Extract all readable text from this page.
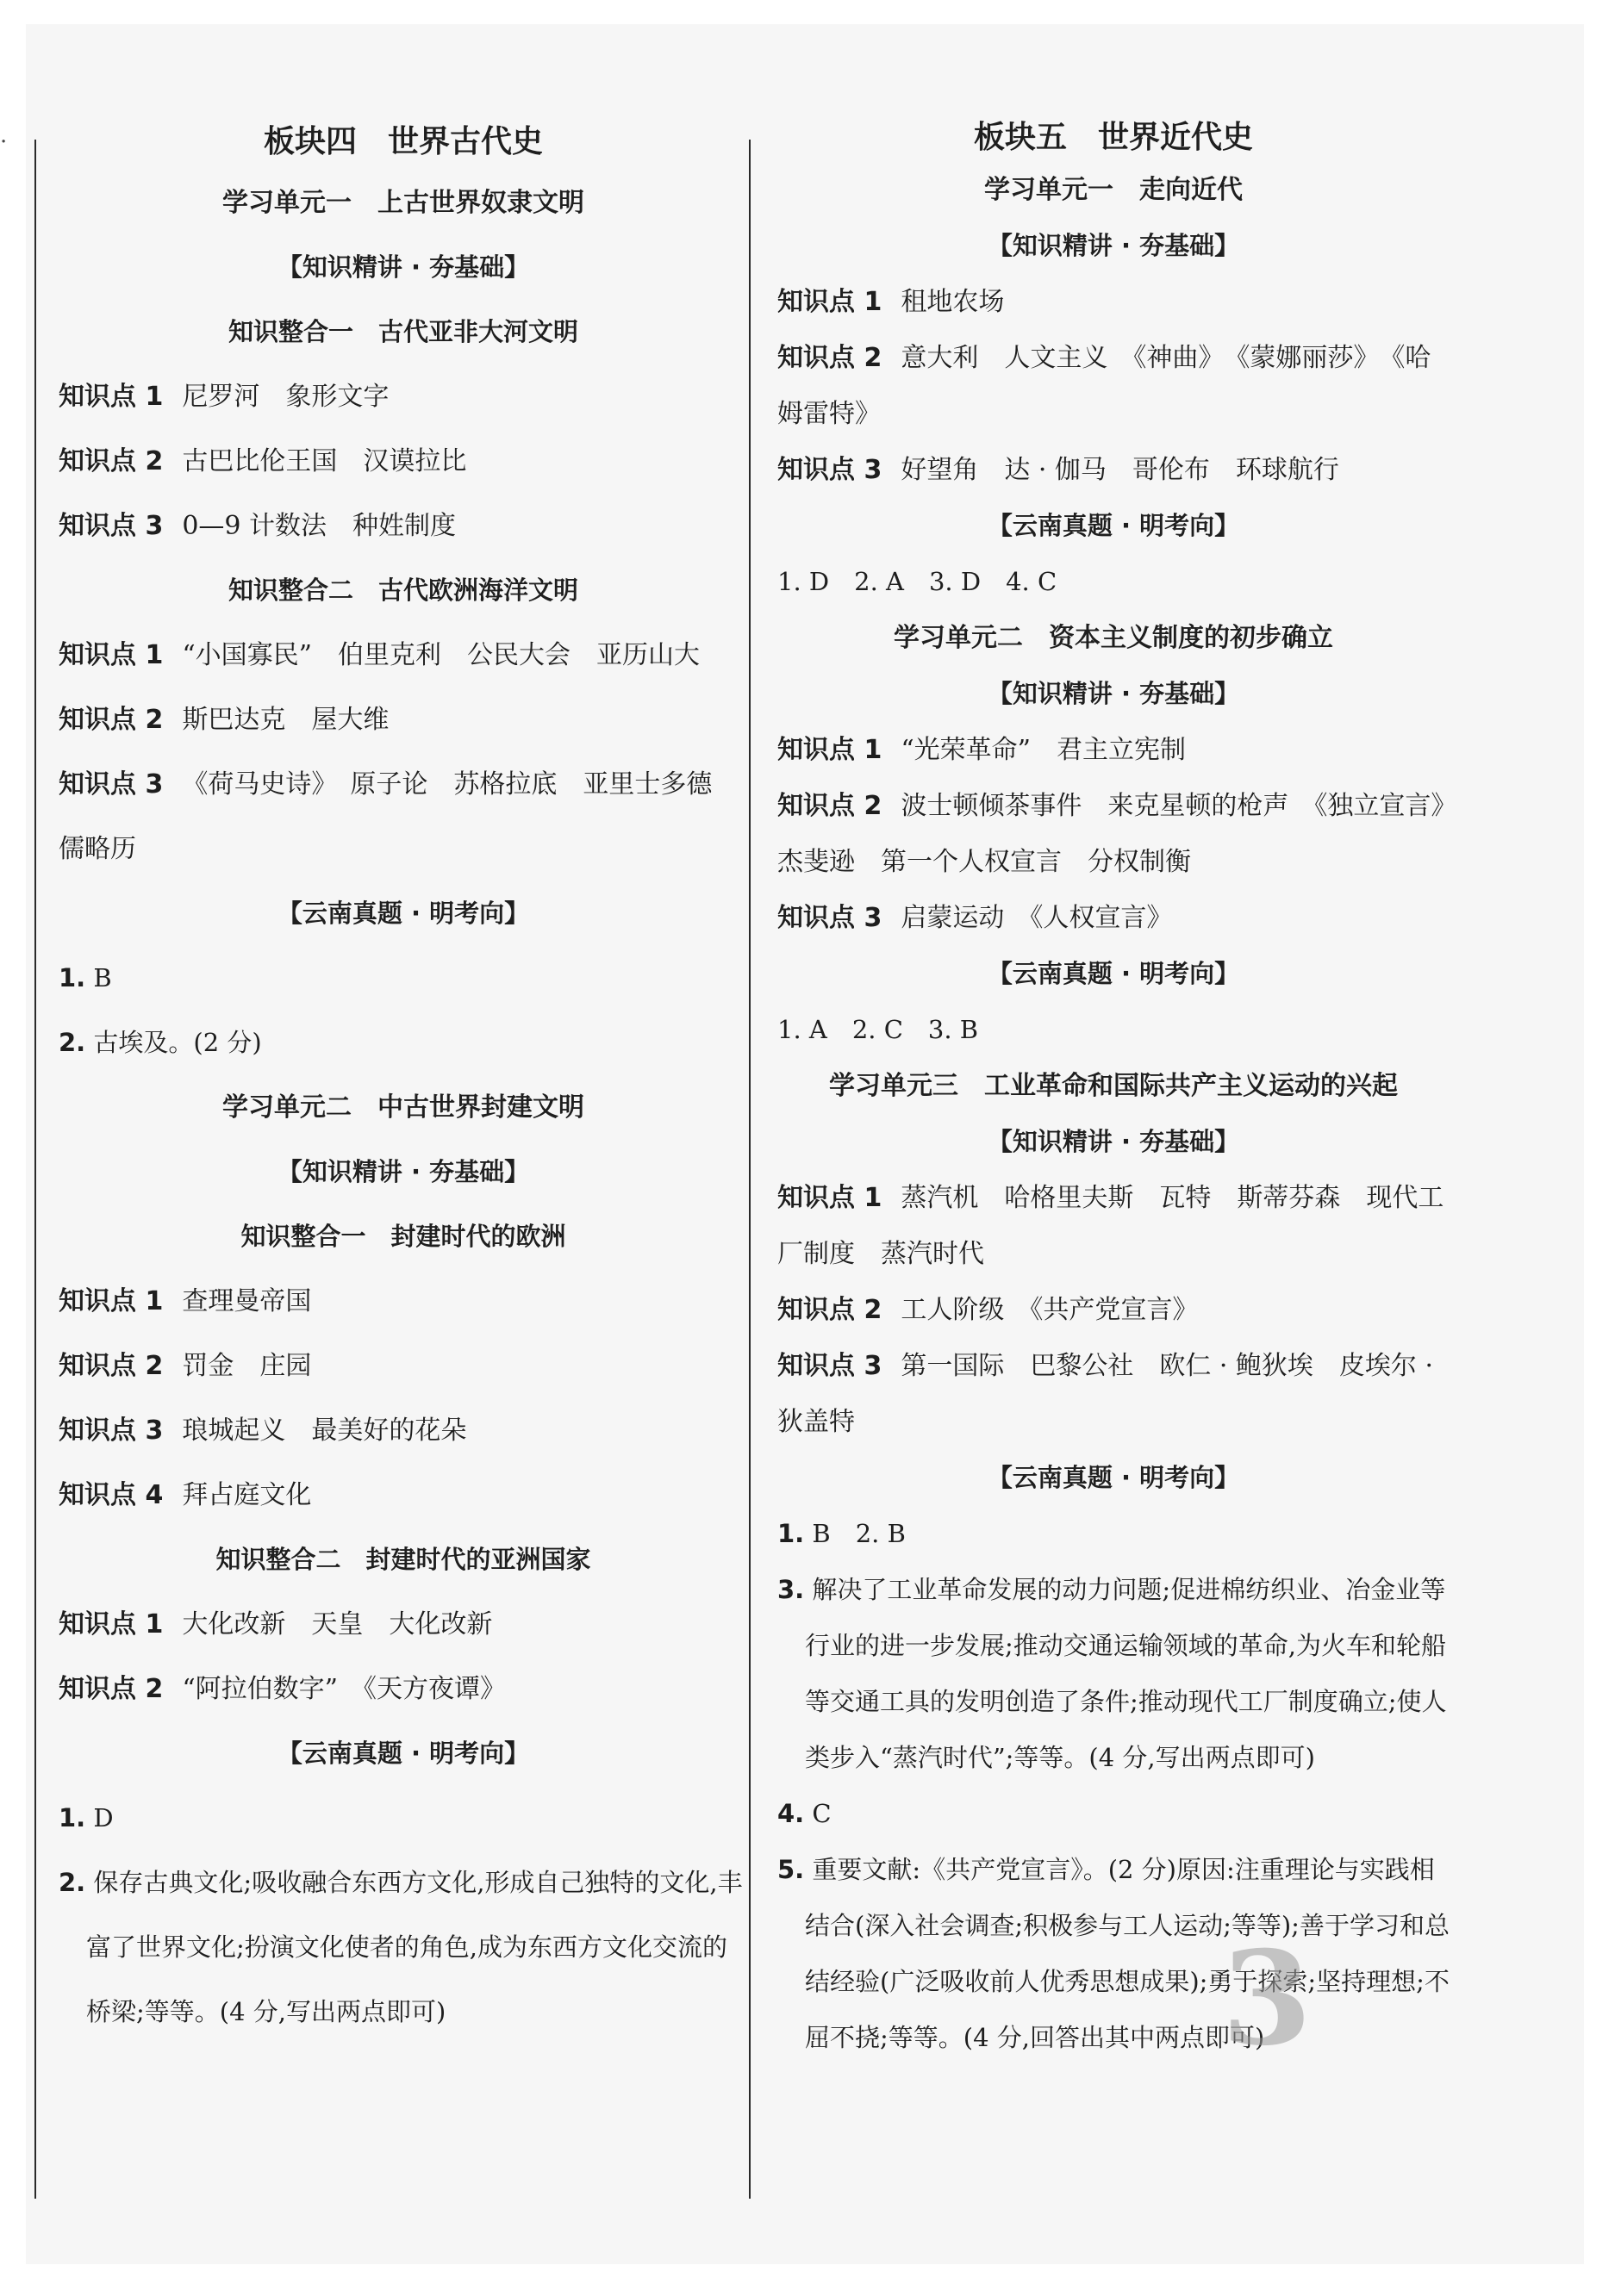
·	板块四　世界古代史
学习单元一　上古世界奴隶文明
【知识精讲 · 夯基础】
知识整合一　古代亚非大河文明
知识点 1 尼罗河　象形文字
知识点 2 古巴比伦王国　汉谟拉比
知识点 3 0—9 计数法　种姓制度
知识整合二　古代欧洲海洋文明
知识点 1 “小国寡民”　伯里克利　公民大会　亚历山大
知识点 2 斯巴达克　屋大维
知识点 3 《荷马史诗》　原子论　苏格拉底　亚里士多德　儒略历
【云南真题 · 明考向】
1. B
2. 古埃及。(2 分)
学习单元二　中古世界封建文明
【知识精讲 · 夯基础】
知识整合一　封建时代的欧洲
知识点 1 查理曼帝国
知识点 2 罚金　庄园
知识点 3 琅城起义　最美好的花朵
知识点 4 拜占庭文化
知识整合二　封建时代的亚洲国家
知识点 1 大化改新　天皇　大化改新
知识点 2 “阿拉伯数字”　《天方夜谭》
【云南真题 · 明考向】
1. D
2. 保存古典文化;吸收融合东西方文化,形成自己独特的文化,丰富了世界文化;扮演文化使者的角色,成为东西方文化交流的桥梁;等等。(4 分,写出两点即可)
板块五　世界近代史
学习单元一　走向近代
【知识精讲 · 夯基础】
知识点 1 租地农场
知识点 2 意大利　人文主义　《神曲》　《蒙娜丽莎》　《哈姆雷特》
知识点 3 好望角　达 · 伽马　哥伦布　环球航行
【云南真题 · 明考向】
1. D　2. A　3. D　4. C
学习单元二　资本主义制度的初步确立
【知识精讲 · 夯基础】
知识点 1 “光荣革命”　君主立宪制
知识点 2 波士顿倾茶事件　来克星顿的枪声　《独立宣言》　杰斐逊　第一个人权宣言　分权制衡
知识点 3 启蒙运动　《人权宣言》
【云南真题 · 明考向】
1. A　2. C　3. B
学习单元三　工业革命和国际共产主义运动的兴起
【知识精讲 · 夯基础】
知识点 1 蒸汽机　哈格里夫斯　瓦特　斯蒂芬森　现代工厂制度　蒸汽时代
知识点 2 工人阶级　《共产党宣言》
知识点 3 第一国际　巴黎公社　欧仁 · 鲍狄埃　皮埃尔 · 狄盖特
【云南真题 · 明考向】
1. B　2. B
3. 解决了工业革命发展的动力问题;促进棉纺织业、冶金业等行业的进一步发展;推动交通运输领域的革命,为火车和轮船等交通工具的发明创造了条件;推动现代工厂制度确立;使人类步入“蒸汽时代”;等等。(4 分,写出两点即可)
4. C
5. 重要文献:《共产党宣言》。(2 分)原因:注重理论与实践相结合(深入社会调查;积极参与工人运动;等等);善于学习和总结经验(广泛吸收前人优秀思想成果);勇于探索;坚持理想;不屈不挠;等等。(4 分,回答出其中两点即可)
3
